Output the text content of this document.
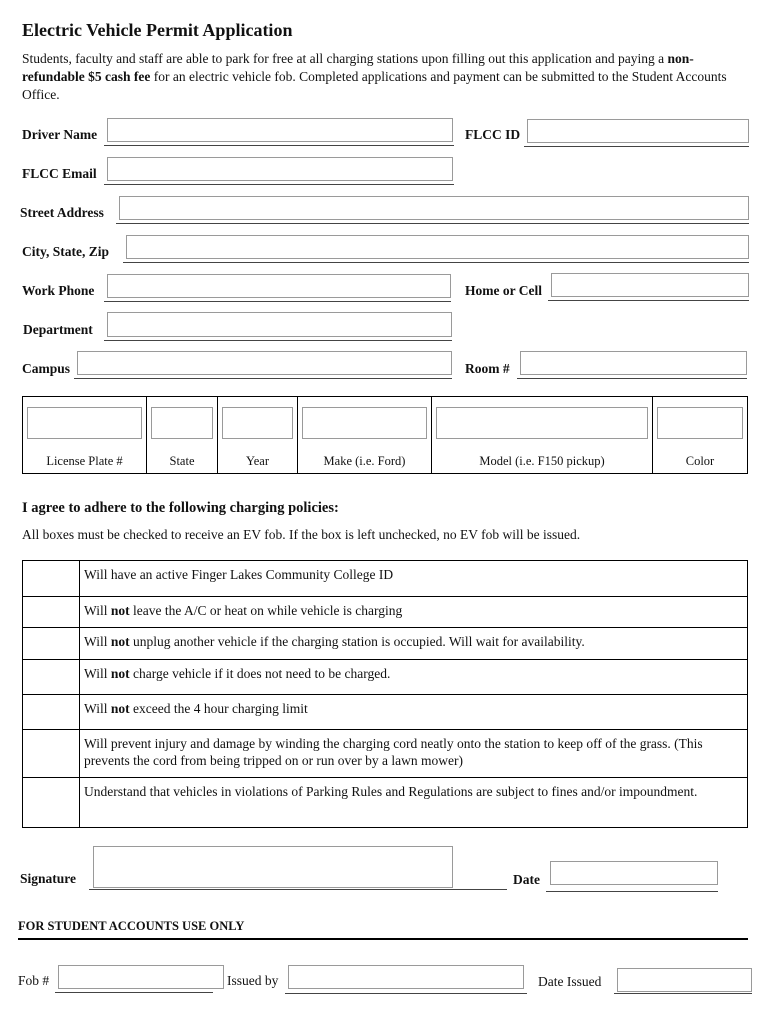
Electric Vehicle Permit Application
Students, faculty and staff are able to park for free at all charging stations upon filling out this application and paying a non-refundable $5 cash fee for an electric vehicle fob. Completed applications and payment can be submitted to the Student Accounts Office.
Driver Name	FLCC ID
FLCC Email
Street Address
City, State, Zip
Work Phone	Home or Cell
Department
Campus	Room #
License Plate #	State	Year	Make (i.e. Ford)	Model (i.e. F150 pickup)	Color
I agree to adhere to the following charging policies:
All boxes must be checked to receive an EV fob. If the box is left unchecked, no EV fob will be issued.
	Will have an active Finger Lakes Community College ID
	Will not leave the A/C or heat on while vehicle is charging
	Will not unplug another vehicle if the charging station is occupied. Will wait for availability.
	Will not charge vehicle if it does not need to be charged.
	Will not exceed the 4 hour charging limit
	Will prevent injury and damage by winding the charging cord neatly onto the station to keep off of the grass. (This prevents the cord from being tripped on or run over by a lawn mower)
	Understand that vehicles in violations of Parking Rules and Regulations are subject to fines and/or impoundment.
Signature	Date
FOR STUDENT ACCOUNTS USE ONLY
Fob #	Issued by	Date Issued
